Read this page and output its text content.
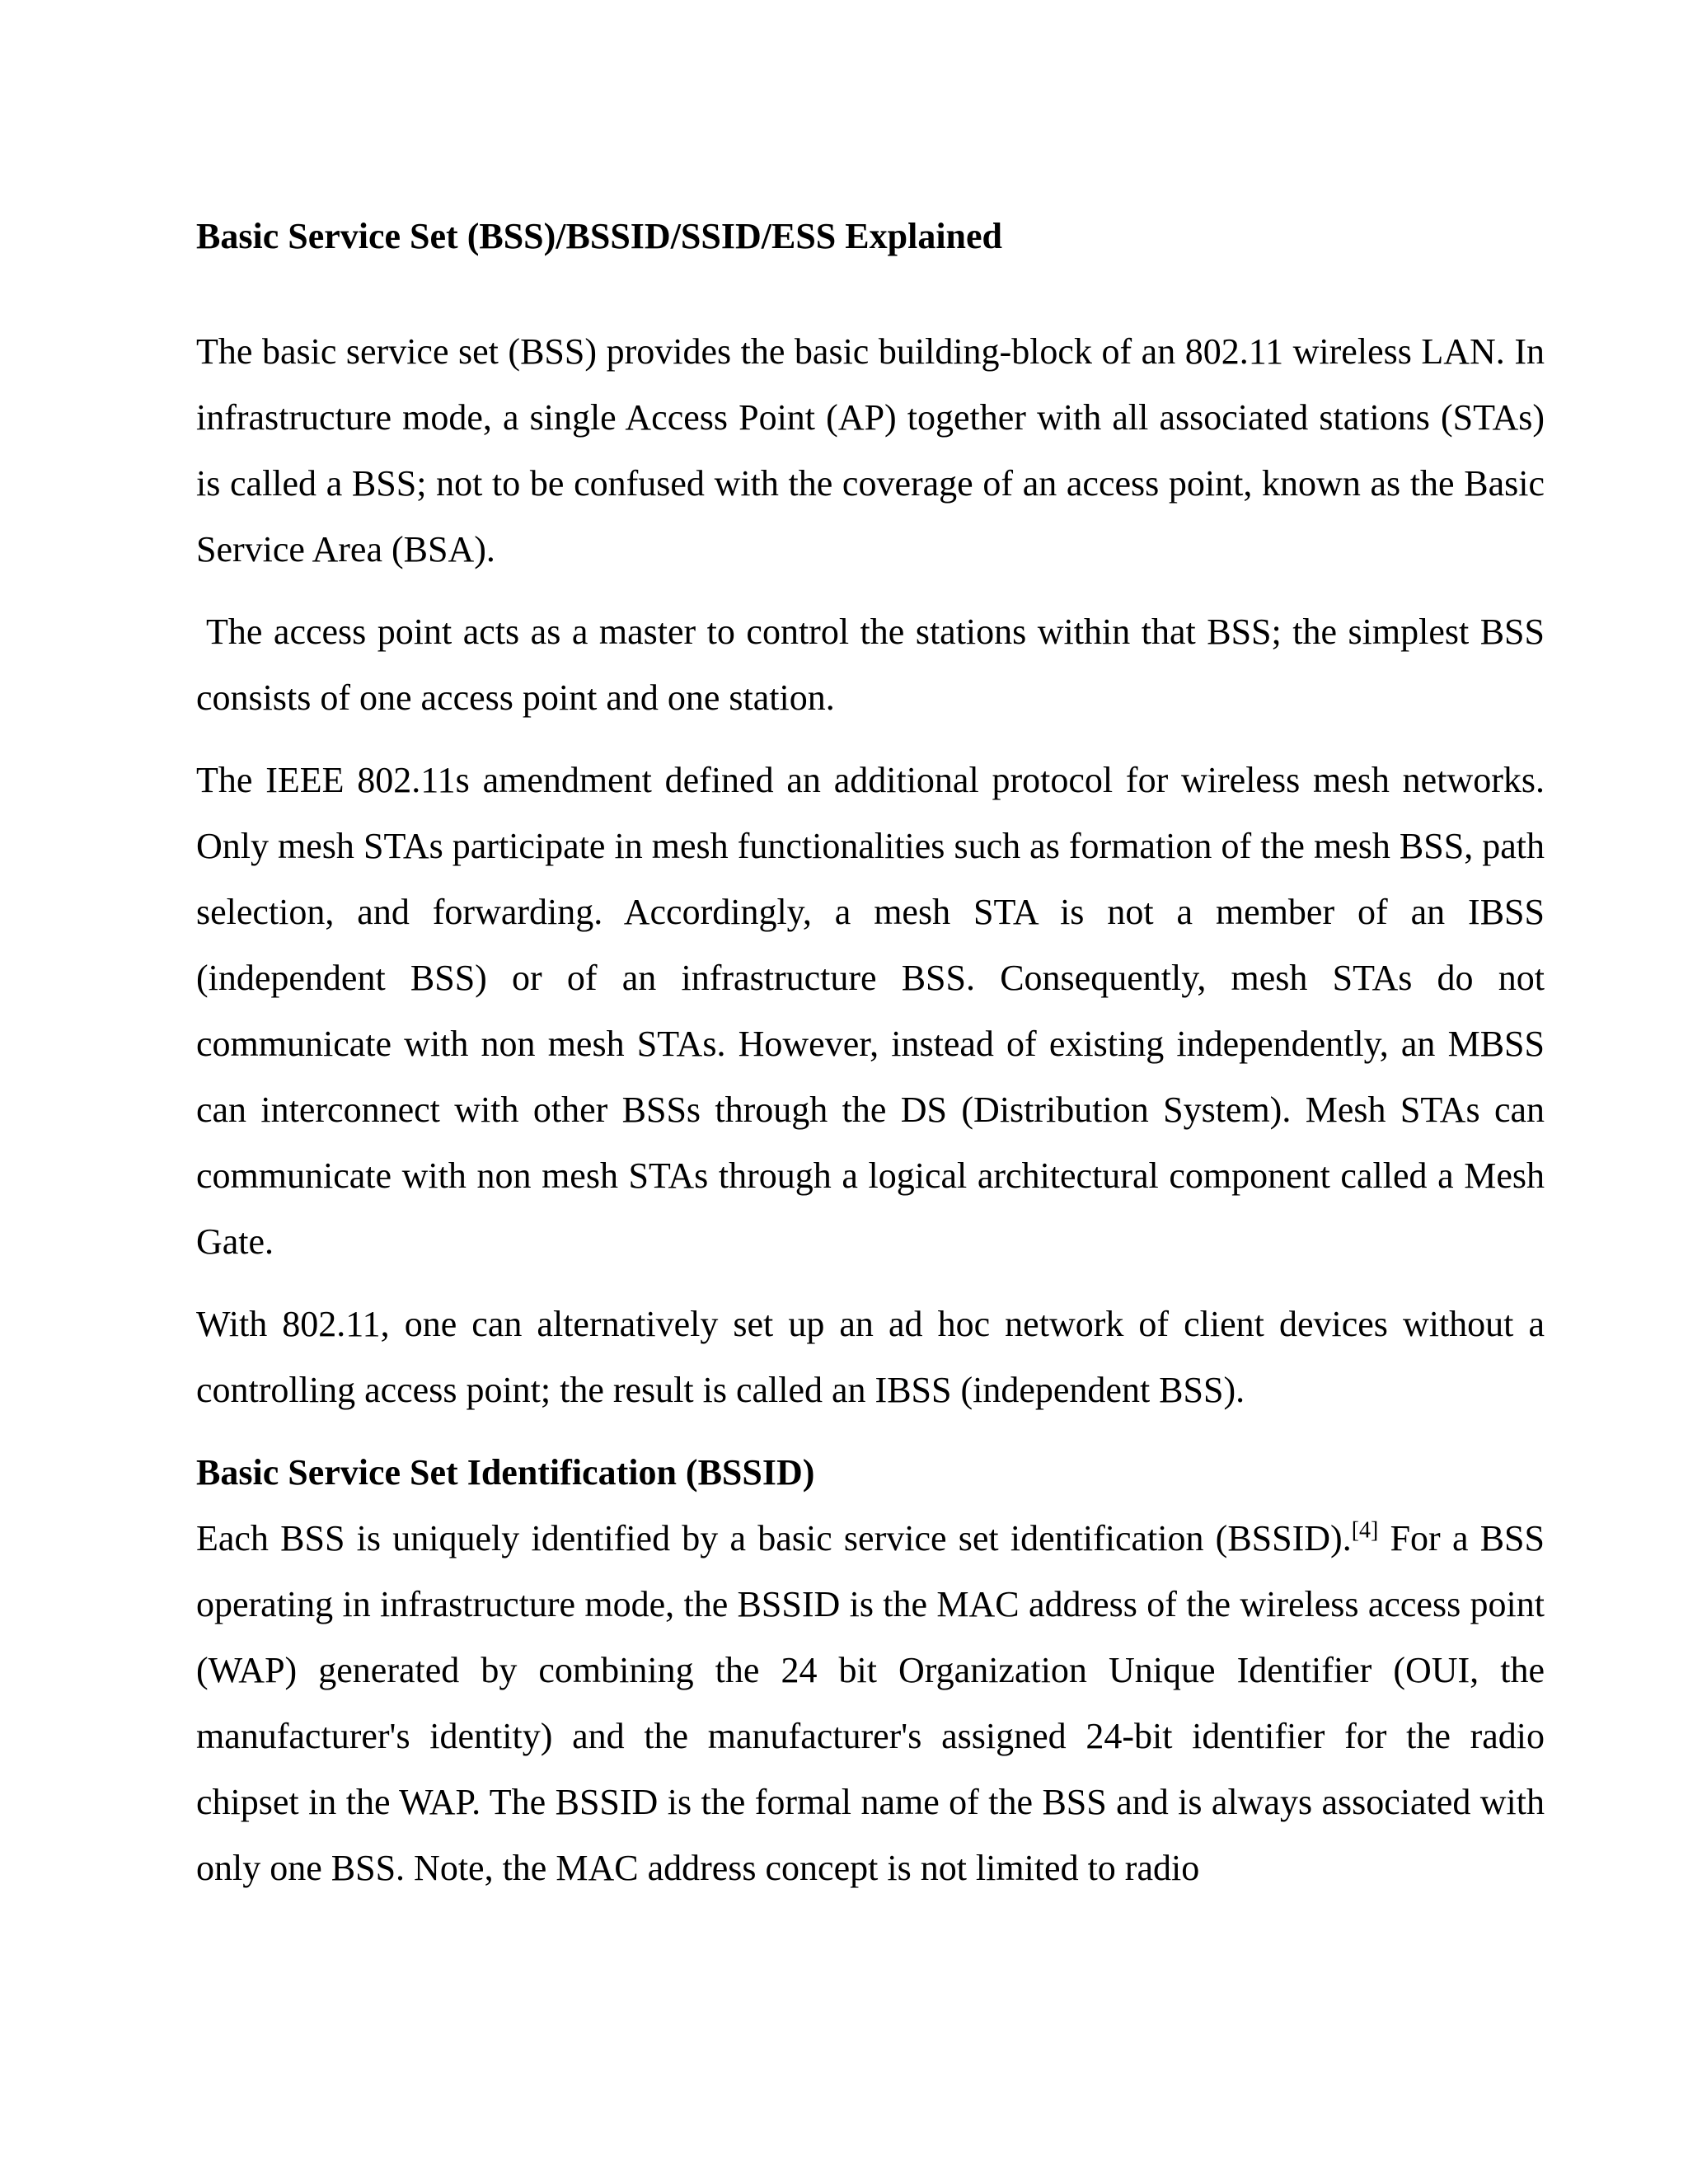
Basic Service Set (BSS)/BSSID/SSID/ESS Explained

The basic service set (BSS) provides the basic building-block of an 802.11 wireless LAN. In infrastructure mode, a single Access Point (AP) together with all associated stations (STAs) is called a BSS; not to be confused with the coverage of an access point, known as the Basic Service Area (BSA).

The access point acts as a master to control the stations within that BSS; the simplest BSS consists of one access point and one station.

The IEEE 802.11s amendment defined an additional protocol for wireless mesh networks. Only mesh STAs participate in mesh functionalities such as formation of the mesh BSS, path selection, and forwarding. Accordingly, a mesh STA is not a member of an IBSS (independent BSS) or of an infrastructure BSS. Consequently, mesh STAs do not communicate with non mesh STAs. However, instead of existing independently, an MBSS can interconnect with other BSSs through the DS (Distribution System). Mesh STAs can communicate with non mesh STAs through a logical architectural component called a Mesh Gate.

With 802.11, one can alternatively set up an ad hoc network of client devices without a controlling access point; the result is called an IBSS (independent BSS).

Basic Service Set Identification (BSSID)

Each BSS is uniquely identified by a basic service set identification (BSSID).[4] For a BSS operating in infrastructure mode, the BSSID is the MAC address of the wireless access point (WAP) generated by combining the 24 bit Organization Unique Identifier (OUI, the manufacturer's identity) and the manufacturer's assigned 24-bit identifier for the radio chipset in the WAP. The BSSID is the formal name of the BSS and is always associated with only one BSS. Note, the MAC address concept is not limited to radio
